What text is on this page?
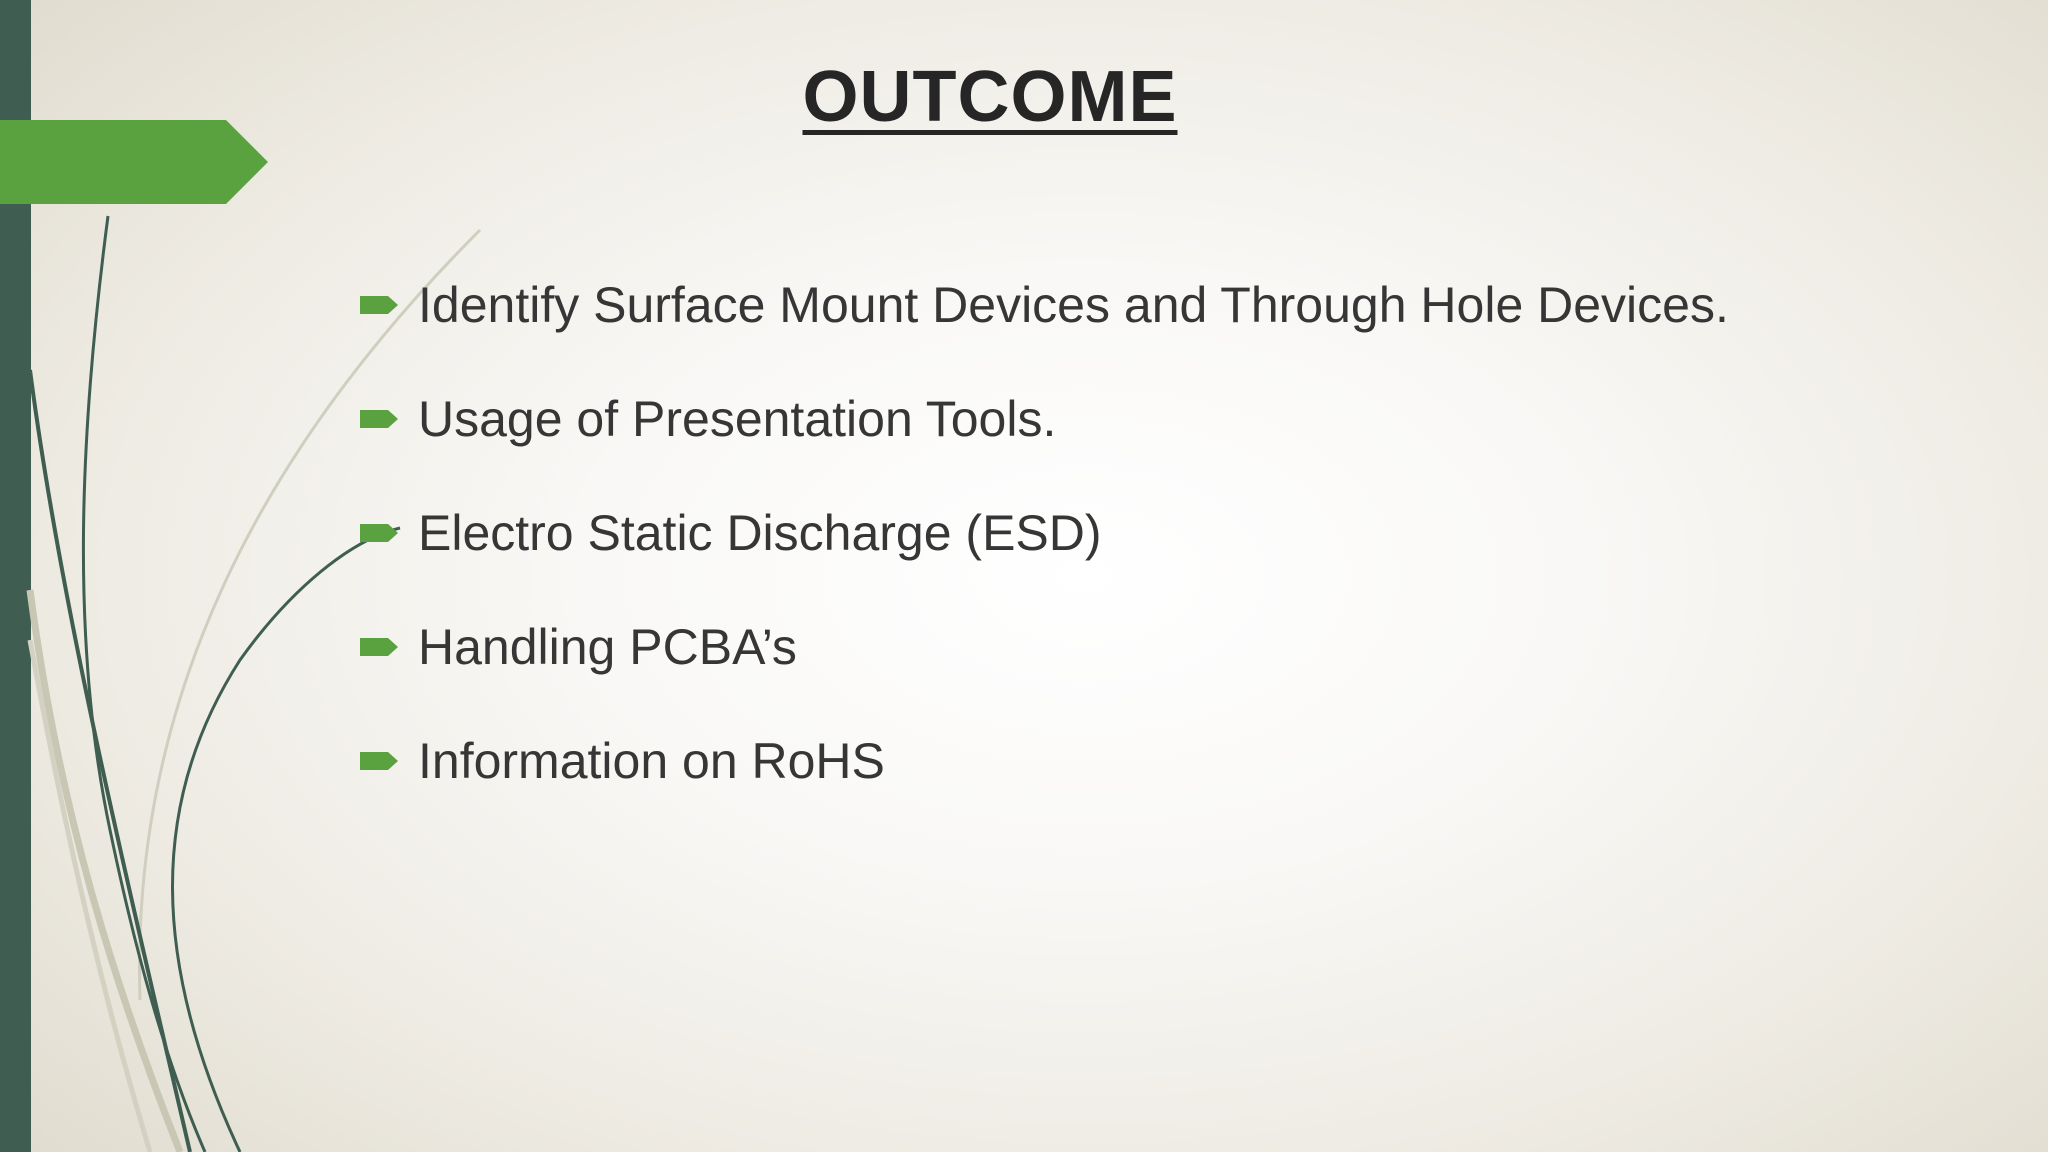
OUTCOME
Identify Surface Mount Devices and Through Hole Devices.
Usage of Presentation Tools.
Electro Static Discharge (ESD)
Handling PCBA’s
Information on RoHS
